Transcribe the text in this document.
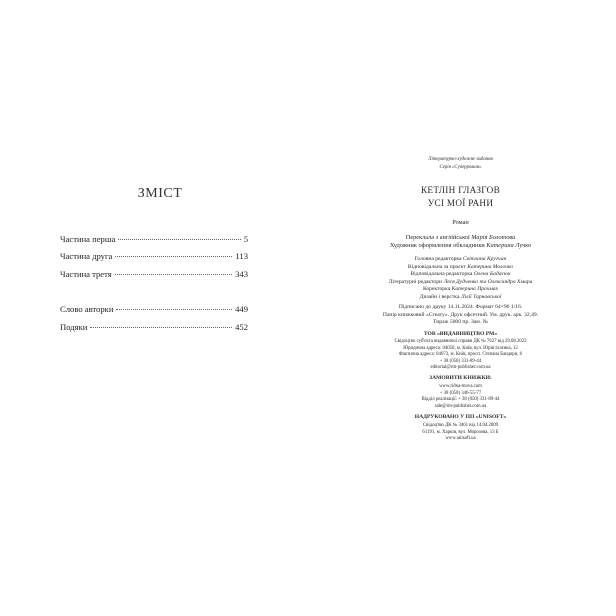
ЗМІСТ
Частина перша	5
Частина друга	113
Частина третя	343
Слово авторки	449
Подяки	452
Літературно-художнє видання
Серія «Суперроман»
КЕТЛІН ГЛАЗГОВ
УСІ МОЇ РАНИ
Роман
Переклала з англійської Марія Болотова
Художник оформлення обкладинки Катерина Лучко
Головна редакторка Світлана Кругчан
Відповідальна за проєкт Катерина Молочко
Відповідальна редакторка Олена Бадасюк
Літературні редактори Леся Дудченко та Олександра Хмара
Коректорка Катерина Прохмах
Дизайн і верстка Лілії Тарнавської
Підписано до друку 14.11.2024. Формат 64×96 1/16.
Папір книжковий «Сгеату». Друк офсетний. Ум. друк. арк. 32,49.
Тираж 5000 пр. Зам. №
ТОВ «ВИДАВНИЦТВО РМ»
Свідоцтво суб'єкта видавничої справи ДК № 7627 від 29.08.2022
Юридична адреса: 04050, м. Київ, вул. Юрія Іллєнка, 12
Фактична адреса: 04073, м. Київ, просп. Степана Бандери, 6
+ 38 (050) 331-89-44
editorial@rm-publisher.com.ua
ЗАМОВИТИ КНИЖКИ:
www.ridna-mova.com
+ 38 (050) 346-55-77
Відділ реалізації: + 38 (050) 331-89-44
sale@rm-publisher.com.ua
НАДРУКОВАНО У ПП «UNISOFT»
Свідоцтво ДК № 3461 від 14.04.2009
61191, м. Харків, вул. Морозова, 13 Б
www.unisoft.ua
